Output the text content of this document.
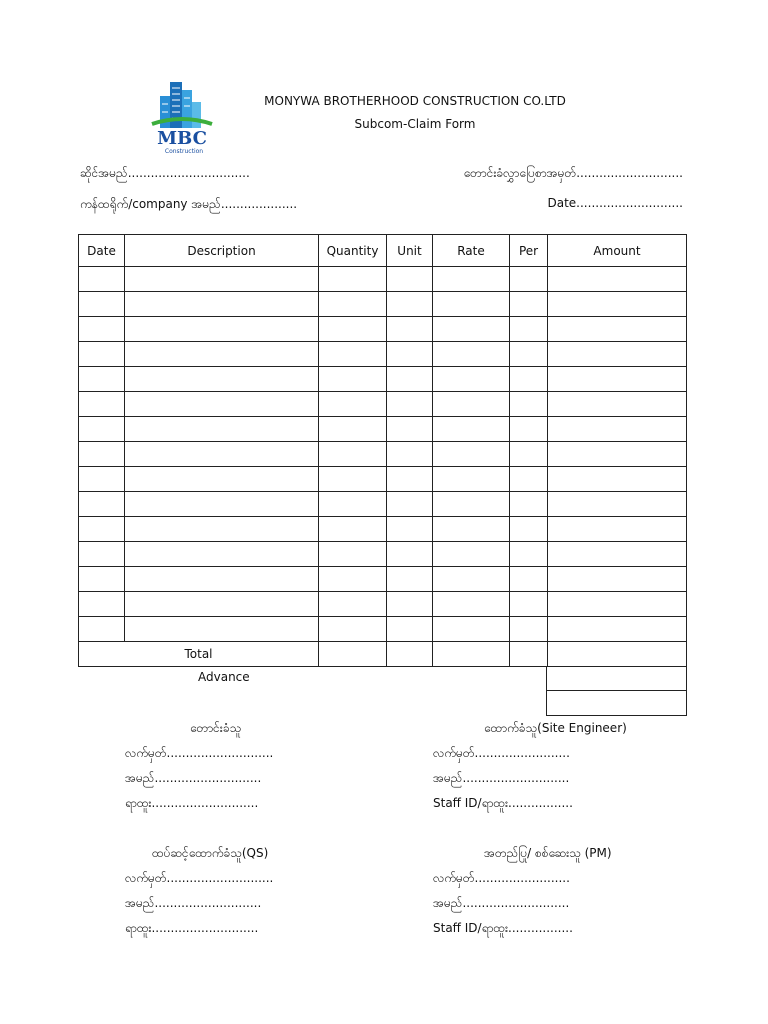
MBC
Construction
MONYWA BROTHERHOOD CONSTRUCTION CO.LTD
Subcom-Claim Form
ဆိုင်အမည်................................	တောင်းခံလွှာပြေစာအမှတ်............................
ကန်ထရိုက်/company အမည်....................	Date............................
Date	Description	Quantity	Unit	Rate	Per	Amount

Total						
Advance
တောင်းခံသူ
လက်မှတ်............................
အမည်............................
ရာထူး............................
ထောက်ခံသူ(Site Engineer)
လက်မှတ်.........................
အမည်............................
Staff ID/ရာထူး.................
ထပ်ဆင့်ထောက်ခံသူ(QS)
လက်မှတ်............................
အမည်............................
ရာထူး............................
အတည်ပြု/ စစ်ဆေးသူ (PM)
လက်မှတ်.........................
အမည်............................
Staff ID/ရာထူး.................
